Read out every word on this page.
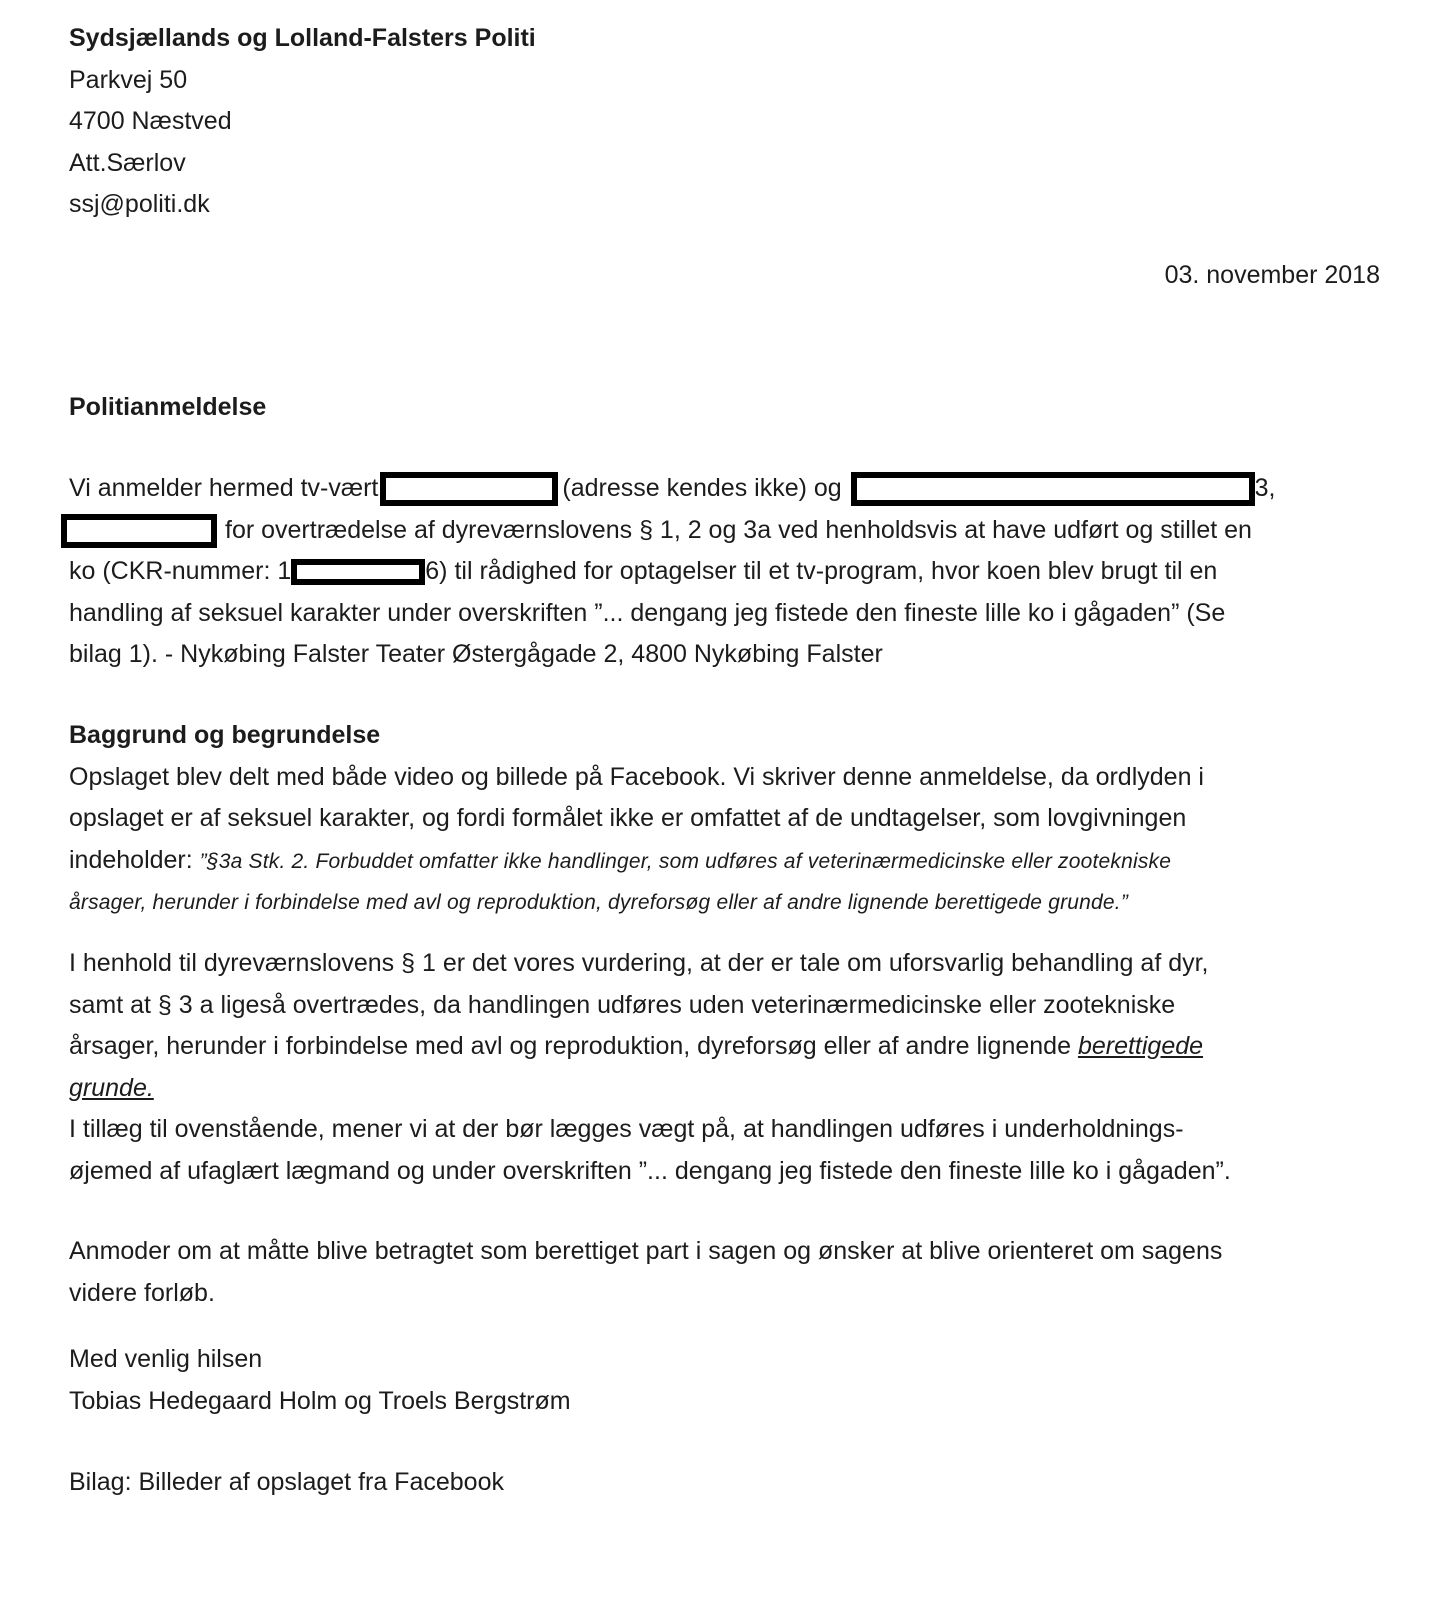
Sydsjællands og Lolland-Falsters Politi
Parkvej 50
4700 Næstved
Att.Særlov
ssj@politi.dk
03. november 2018
Politianmeldelse
Vi anmelder hermed tv-vært	(adresse kendes ikke) og	3,
for overtrædelse af dyreværnslovens § 1, 2 og 3a ved henholdsvis at have udført og stillet en
ko (CKR-nummer: 1	6) til rådighed for optagelser til et tv-program, hvor koen blev brugt til en
handling af seksuel karakter under overskriften ”... dengang jeg fistede den fineste lille ko i gågaden” (Se
bilag 1). - Nykøbing Falster Teater Østergågade 2, 4800 Nykøbing Falster
Baggrund og begrundelse
Opslaget blev delt med både video og billede på Facebook. Vi skriver denne anmeldelse, da ordlyden i
opslaget er af seksuel karakter, og fordi formålet ikke er omfattet af de undtagelser, som lovgivningen
indeholder: ”§3a Stk. 2. Forbuddet omfatter ikke handlinger, som udføres af veterinærmedicinske eller zootekniske
årsager, herunder i forbindelse med avl og reproduktion, dyreforsøg eller af andre lignende berettigede grunde.”
I henhold til dyreværnslovens § 1 er det vores vurdering, at der er tale om uforsvarlig behandling af dyr,
samt at § 3 a ligeså overtrædes, da handlingen udføres uden veterinærmedicinske eller zootekniske
årsager, herunder i forbindelse med avl og reproduktion, dyreforsøg eller af andre lignende berettigede
grunde.
I tillæg til ovenstående, mener vi at der bør lægges vægt på, at handlingen udføres i underholdnings-
øjemed af ufaglært lægmand og under overskriften ”... dengang jeg fistede den fineste lille ko i gågaden”.
Anmoder om at måtte blive betragtet som berettiget part i sagen og ønsker at blive orienteret om sagens
videre forløb.
Med venlig hilsen
Tobias Hedegaard Holm og Troels Bergstrøm
Bilag: Billeder af opslaget fra Facebook
